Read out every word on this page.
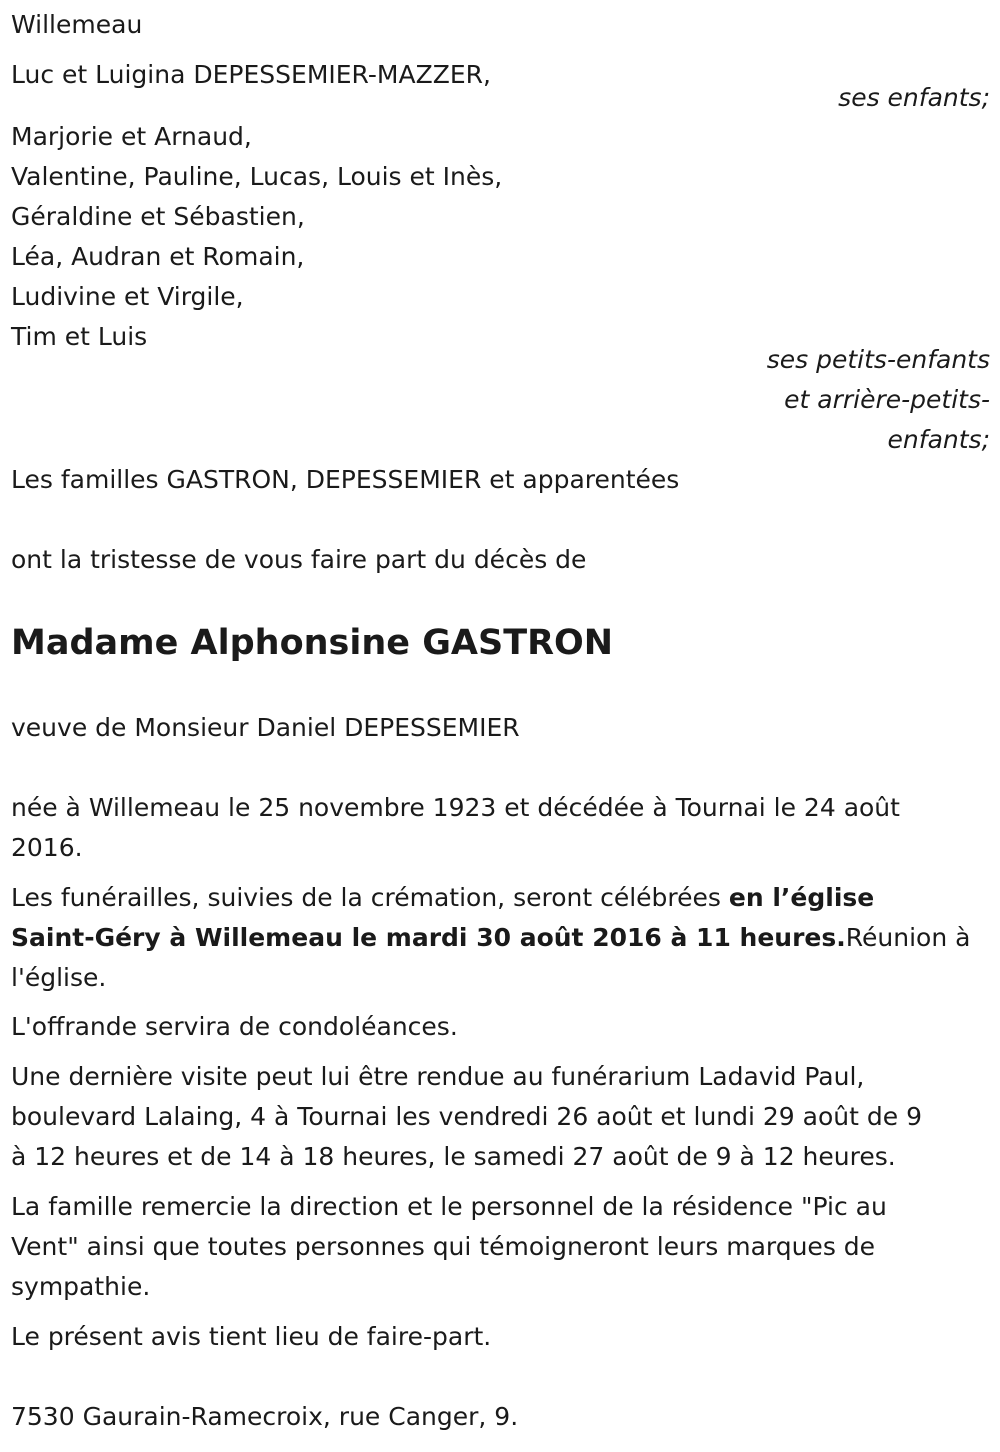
Willemeau
Luc et Luigina DEPESSEMIER-MAZZER,
ses enfants;
Marjorie et Arnaud,
Valentine, Pauline, Lucas, Louis et Inès,
Géraldine et Sébastien,
Léa, Audran et Romain,
Ludivine et Virgile,
Tim et Luis
ses petits-enfants
et arrière-petits-
enfants;
Les familles GASTRON, DEPESSEMIER et apparentées
ont la tristesse de vous faire part du décès de
Madame Alphonsine GASTRON
veuve de Monsieur Daniel DEPESSEMIER
née à Willemeau le 25 novembre 1923 et décédée à Tournai le 24 août
2016.
Les funérailles, suivies de la crémation, seront célébrées en l’église
Saint-Géry à Willemeau le mardi 30 août 2016 à 11 heures.Réunion à
l'église.
L'offrande servira de condoléances.
Une dernière visite peut lui être rendue au funérarium Ladavid Paul,
boulevard Lalaing, 4 à Tournai les vendredi 26 août et lundi 29 août de 9
à 12 heures et de 14 à 18 heures, le samedi 27 août de 9 à 12 heures.
La famille remercie la direction et le personnel de la résidence "Pic au
Vent" ainsi que toutes personnes qui témoigneront leurs marques de
sympathie.
Le présent avis tient lieu de faire-part.
7530 Gaurain-Ramecroix, rue Canger, 9.
